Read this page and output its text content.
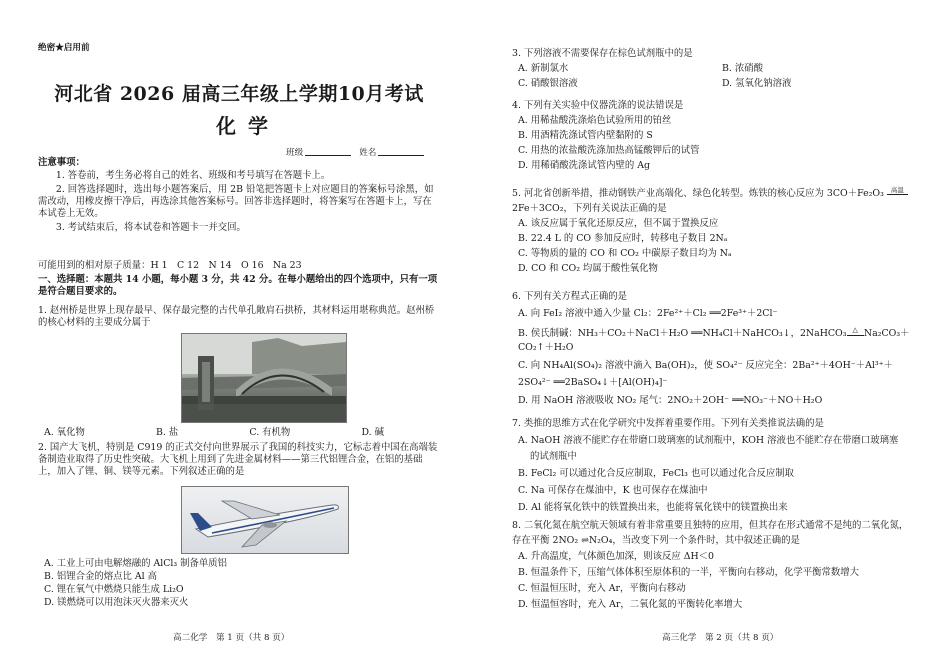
绝密★启用前
河北省 2026 届高三年级上学期10月考试
化学
班级	姓名
注意事项：

1. 答卷前，考生务必将自己的姓名、班级和考号填写在答题卡上。

2. 回答选择题时，选出每小题答案后，用 2B 铅笔把答题卡上对应题目的答案标号涂黑，如需改动，用橡皮擦干净后，再选涂其他答案标号。回答非选择题时，将答案写在答题卡上，写在本试卷上无效。

3. 考试结束后，将本试卷和答题卡一并交回。

可能用到的相对原子质量：H 1　C 12　N 14　O 16　Na 23
一、选择题：本题共 14 小题，每小题 3 分，共 42 分。在每小题给出的四个选项中，只有一项是符合题目要求的。

1. 赵州桥是世界上现存最早、保存最完整的古代单孔敞肩石拱桥，其材料运用堪称典范。赵州桥的核心材料的主要成分属于

A. 氧化物	B. 盐	C. 有机物	D. 碱

2. 国产大飞机，特别是 C919 的正式交付向世界展示了我国的科技实力，它标志着中国在高端装备制造业取得了历史性突破。大飞机上用到了先进金属材料——第三代铝锂合金，在铝的基础上，加入了锂、铜、镁等元素。下列叙述正确的是

A. 工业上可由电解熔融的 AlCl₃ 制备单质铝

B. 铝锂合金的熔点比 Al 高

C. 锂在氧气中燃烧只能生成 Li₂O

D. 镁燃烧可以用泡沫灭火器来灭火

高二化学　第 1 页（共 8 页）

3. 下列溶液不需要保存在棕色试剂瓶中的是

A. 新制氯水	B. 浓硝酸
C. 硝酸银溶液	D. 氢氧化钠溶液

4. 下列有关实验中仪器洗涤的说法错误是

A. 用稀盐酸洗涤焰色试验所用的铂丝

B. 用酒精洗涤试管内壁黏附的 S

C. 用热的浓盐酸洗涤加热高锰酸钾后的试管

D. 用稀硝酸洗涤试管内壁的 Ag

5. 河北省创新举措，推动钢铁产业高端化、绿色化转型。炼铁的核心反应为 3CO＋Fe₂O₃ 高温

2Fe＋3CO₂，下列有关说法正确的是

A. 该反应属于氧化还原反应，但不属于置换反应

B. 22.4 L 的 CO 参加反应时，转移电子数目 2Nₐ

C. 等物质的量的 CO 和 CO₂ 中碳原子数目均为 Nₐ

D. CO 和 CO₂ 均属于酸性氧化物

6. 下列有关方程式正确的是

A. 向 FeI₂ 溶液中通入少量 Cl₂：2Fe²⁺＋Cl₂ ══2Fe³⁺＋2Cl⁻

B. 侯氏制碱：NH₃＋CO₂＋NaCl＋H₂O ══NH₄Cl＋NaHCO₃↓，2NaHCO₃ △ Na₂CO₃＋

CO₂↑＋H₂O

C. 向 NH₄Al(SO₄)₂ 溶液中滴入 Ba(OH)₂，使 SO₄²⁻ 反应完全：2Ba²⁺＋4OH⁻＋Al³⁺＋

2SO₄²⁻ ══2BaSO₄↓＋[Al(OH)₄]⁻

D. 用 NaOH 溶液吸收 NO₂ 尾气：2NO₂＋2OH⁻ ══NO₃⁻＋NO＋H₂O

7. 类推的思维方式在化学研究中发挥着重要作用。下列有关类推说法确的是

A. NaOH 溶液不能贮存在带磨口玻璃塞的试剂瓶中，KOH 溶液也不能贮存在带磨口玻璃塞

的试剂瓶中

B. FeCl₂ 可以通过化合反应制取，FeCl₃ 也可以通过化合反应制取

C. Na 可保存在煤油中，K 也可保存在煤油中

D. Al 能将氧化铁中的铁置换出来，也能将氧化镁中的镁置换出来

8. 二氧化氮在航空航天领域有着非常重要且独特的应用，但其存在形式通常不是纯的二氧化氮，

存在平衡 2NO₂ ⇌N₂O₄，当改变下列一个条件时，其中叙述正确的是

A. 升高温度，气体颜色加深，则该反应 ΔH＜0

B. 恒温条件下，压缩气体体积至原体积的一半，平衡向右移动，化学平衡常数增大

C. 恒温恒压时，充入 Ar，平衡向右移动

D. 恒温恒容时，充入 Ar，二氧化氮的平衡转化率增大

高三化学　第 2 页（共 8 页）
